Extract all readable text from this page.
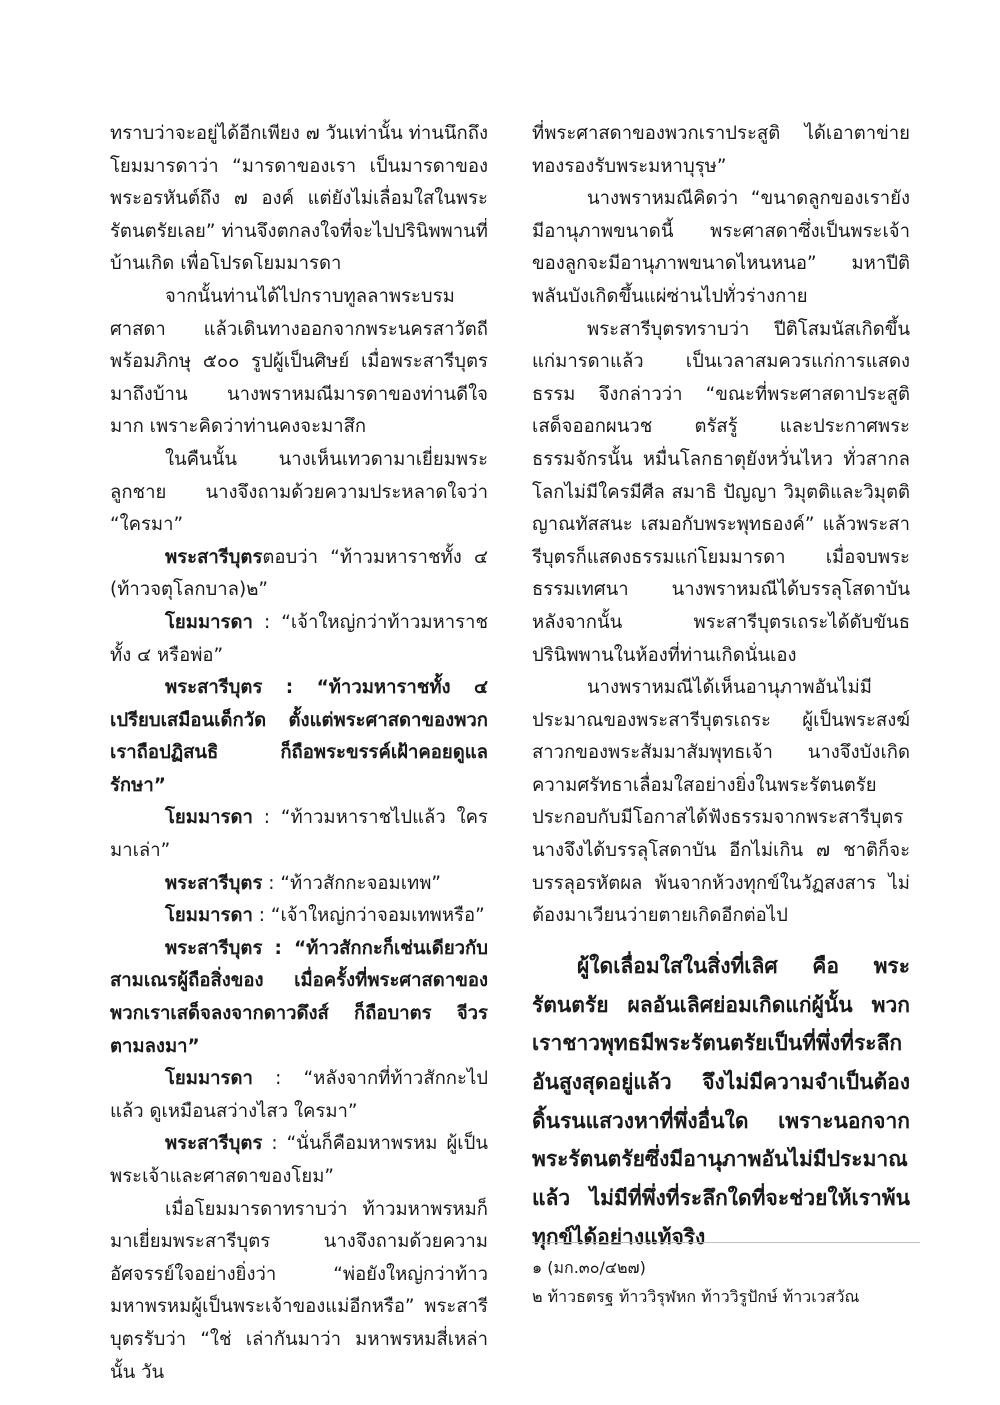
ทราบว่าจะอยู่ได้อีกเพียง ๗ วันเท่านั้น ท่านนึกถึงโยมมารดาว่า “มารดาของเรา เป็นมารดาของพระอรหันต์ถึง ๗ องค์ แต่ยังไม่เลื่อมใสในพระรัตนตรัยเลย” ท่านจึงตกลงใจที่จะไปปรินิพพานที่บ้านเกิด เพื่อโปรดโยมมารดา

จากนั้นท่านได้ไปกราบทูลลาพระบรมศาสดา แล้วเดินทางออกจากพระนครสาวัตถีพร้อมภิกษุ ๕๐๐ รูปผู้เป็นศิษย์ เมื่อพระสารีบุตรมาถึงบ้าน นางพราหมณีมารดาของท่านดีใจมาก เพราะคิดว่าท่านคงจะมาสึก

ในคืนนั้น นางเห็นเทวดามาเยี่ยมพระลูกชาย นางจึงถามด้วยความประหลาดใจว่า “ใครมา”

พระสารีบุตรตอบว่า “ท้าวมหาราชทั้ง ๔ (ท้าวจตุโลกบาล)๒”

โยมมารดา : “เจ้าใหญ่กว่าท้าวมหาราชทั้ง ๔ หรือพ่อ”

พระสารีบุตร : “ท้าวมหาราชทั้ง ๔ เปรียบเสมือนเด็กวัด ตั้งแต่พระศาสดาของพวกเราถือปฏิสนธิ ก็ถือพระขรรค์เฝ้าคอยดูแลรักษา”

โยมมารดา : “ท้าวมหาราชไปแล้ว ใครมาเล่า”

พระสารีบุตร : “ท้าวสักกะจอมเทพ”

โยมมารดา : “เจ้าใหญ่กว่าจอมเทพหรือ”

พระสารีบุตร : “ท้าวสักกะก็เช่นเดียวกับสามเณรผู้ถือสิ่งของ เมื่อครั้งที่พระศาสดาของพวกเราเสด็จลงจากดาวดึงส์ ก็ถือบาตร จีวร ตามลงมา”

โยมมารดา : “หลังจากที่ท้าวสักกะไปแล้ว ดูเหมือนสว่างไสว ใครมา”

พระสารีบุตร : “นั่นก็คือมหาพรหม ผู้เป็นพระเจ้าและศาสดาของโยม”

เมื่อโยมมารดาทราบว่า ท้าวมหาพรหมก็มาเยี่ยมพระสารีบุตร นางจึงถามด้วยความอัศจรรย์ใจอย่างยิ่งว่า “พ่อยังใหญ่กว่าท้าวมหาพรหมผู้เป็นพระเจ้าของแม่อีกหรือ” พระสารีบุตรรับว่า “ใช่ เล่ากันมาว่า มหาพรหมสี่เหล่านั้น วัน

ที่พระศาสดาของพวกเราประสูติ ได้เอาตาข่ายทองรองรับพระมหาบุรุษ”

นางพราหมณีคิดว่า “ขนาดลูกของเรายังมีอานุภาพขนาดนี้ พระศาสดาซึ่งเป็นพระเจ้าของลูกจะมีอานุภาพขนาดไหนหนอ” มหาปีติพลันบังเกิดขึ้นแผ่ซ่านไปทั่วร่างกาย

พระสารีบุตรทราบว่า ปีติโสมนัสเกิดขึ้นแก่มารดาแล้ว เป็นเวลาสมควรแก่การแสดงธรรม จึงกล่าวว่า “ขณะที่พระศาสดาประสูติ เสด็จออกผนวช ตรัสรู้ และประกาศพระธรรมจักรนั้น หมื่นโลกธาตุยังหวั่นไหว ทั่วสากลโลกไม่มีใครมีศีล สมาธิ ปัญญา วิมุตติและวิมุตติญาณทัสสนะ เสมอกับพระพุทธองค์” แล้วพระสารีบุตรก็แสดงธรรมแก่โยมมารดา เมื่อจบพระธรรมเทศนา นางพราหมณีได้บรรลุโสดาบัน หลังจากนั้น พระสารีบุตรเถระได้ดับขันธปรินิพพานในห้องที่ท่านเกิดนั่นเอง

นางพราหมณีได้เห็นอานุภาพอันไม่มีประมาณของพระสารีบุตรเถระ ผู้เป็นพระสงฆ์สาวกของพระสัมมาสัมพุทธเจ้า นางจึงบังเกิดความศรัทธาเลื่อมใสอย่างยิ่งในพระรัตนตรัย ประกอบกับมีโอกาสได้ฟังธรรมจากพระสารีบุตร นางจึงได้บรรลุโสดาบัน อีกไม่เกิน ๗ ชาติก็จะบรรลุอรหัตผล พ้นจากห้วงทุกข์ในวัฏสงสาร ไม่ต้องมาเวียนว่ายตายเกิดอีกต่อไป

ผู้ใดเลื่อมใสในสิ่งที่เลิศ คือ พระรัตนตรัย ผลอันเลิศย่อมเกิดแก่ผู้นั้น พวกเราชาวพุทธมีพระรัตนตรัยเป็นที่พึ่งที่ระลึกอันสูงสุดอยู่แล้ว จึงไม่มีความจำเป็นต้องดิ้นรนแสวงหาที่พึ่งอื่นใด เพราะนอกจากพระรัตนตรัยซึ่งมีอานุภาพอันไม่มีประมาณแล้ว ไม่มีที่พึ่งที่ระลึกใดที่จะช่วยให้เราพ้นทุกข์ได้อย่างแท้จริง

๑ (มก.๓๐/๔๒๗)

๒ ท้าวธตรฐ ท้าววิรุฬหก ท้าววิรูปักษ์ ท้าวเวสวัณ
